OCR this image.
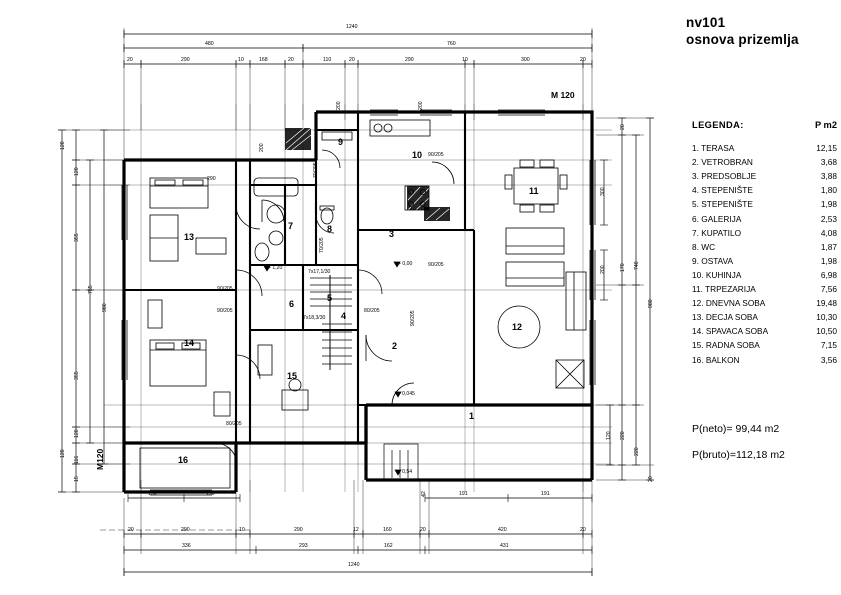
nv101
osnova prizemlja
LEGENDA:	P m2
1. TERASA	12,15
2. VETROBRAN	3,68
3. PREDSOBLJE	3,88
4. STEPENIŠTE	1,80
5. STEPENIŠTE	1,98
6. GALERIJA	2,53
7. KUPATILO	4,08
8. WC	1,87
9. OSTAVA	1,98
10. KUHINJA	6,98
11. TRPEZARIJA	7,56
12. DNEVNA SOBA	19,48
13. DECJA SOBA	10,30
14. SPAVACA SOBA	10,50
15. RADNA SOBA	7,15
16. BALKON	3,56
P(neto)= 99,44 m2
P(bruto)=112,18 m2
1
2
3
4
5
6
7	8
9
10
11
12
13
14
15
16
M 120
M120
+ 0,00
- 0,045
- 0,54
+ 1,20
90/205
90/205
70/205
70/205
90/205
90/205
90/205
80/205
7x17,1/30
7x18,3/30
80/205
1240
480	760
20	290	10	168	20	110	20	290	10	300	20
20	290	10	290	12	160	20	420	20
336	293	162	431
1240
150	150	191	191
42
120
120
355
755
980
355
120
120
116
15
20
170 740
980
220
220
20
200
290
200	200
300
200
120
